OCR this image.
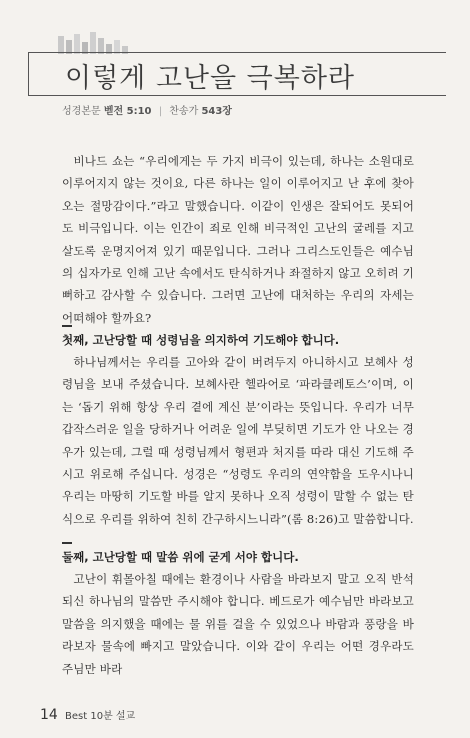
이렇게 고난을 극복하라
성경본문 벧전 5:10 | 찬송가 543장
비나드 쇼는 “우리에게는 두 가지 비극이 있는데, 하나는 소원대로 이루어지지 않는 것이요, 다른 하나는 일이 이루어지고 난 후에 찾아오는 절망감이다.”라고 말했습니다. 이같이 인생은 잘되어도 못되어도 비극입니다. 이는 인간이 죄로 인해 비극적인 고난의 굴레를 지고 살도록 운명지어져 있기 때문입니다. 그러나 그리스도인들은 예수님의 십자가로 인해 고난 속에서도 탄식하거나 좌절하지 않고 오히려 기뻐하고 감사할 수 있습니다. 그러면 고난에 대처하는 우리의 자세는 어떠해야 할까요?
첫째, 고난당할 때 성령님을 의지하여 기도해야 합니다.
하나님께서는 우리를 고아와 같이 버려두지 아니하시고 보혜사 성령님을 보내 주셨습니다. 보혜사란 헬라어로 ‘파라클레토스’이며, 이는 ‘돕기 위해 항상 우리 곁에 계신 분’이라는 뜻입니다. 우리가 너무 갑작스러운 일을 당하거나 어려운 일에 부딪히면 기도가 안 나오는 경우가 있는데, 그럴 때 성령님께서 형편과 처지를 따라 대신 기도해 주시고 위로해 주십니다. 성경은 “성령도 우리의 연약함을 도우시나니 우리는 마땅히 기도할 바를 알지 못하나 오직 성령이 말할 수 없는 탄식으로 우리를 위하여 친히 간구하시느니라”(롬 8:26)고 말씀합니다.
둘째, 고난당할 때 말씀 위에 굳게 서야 합니다.
고난이 휘몰아칠 때에는 환경이나 사람을 바라보지 말고 오직 반석 되신 하나님의 말씀만 주시해야 합니다. 베드로가 예수님만 바라보고 말씀을 의지했을 때에는 물 위를 걸을 수 있었으나 바람과 풍랑을 바라보자 물속에 빠지고 말았습니다. 이와 같이 우리는 어떤 경우라도 주님만 바라
14 Best 10분 설교
